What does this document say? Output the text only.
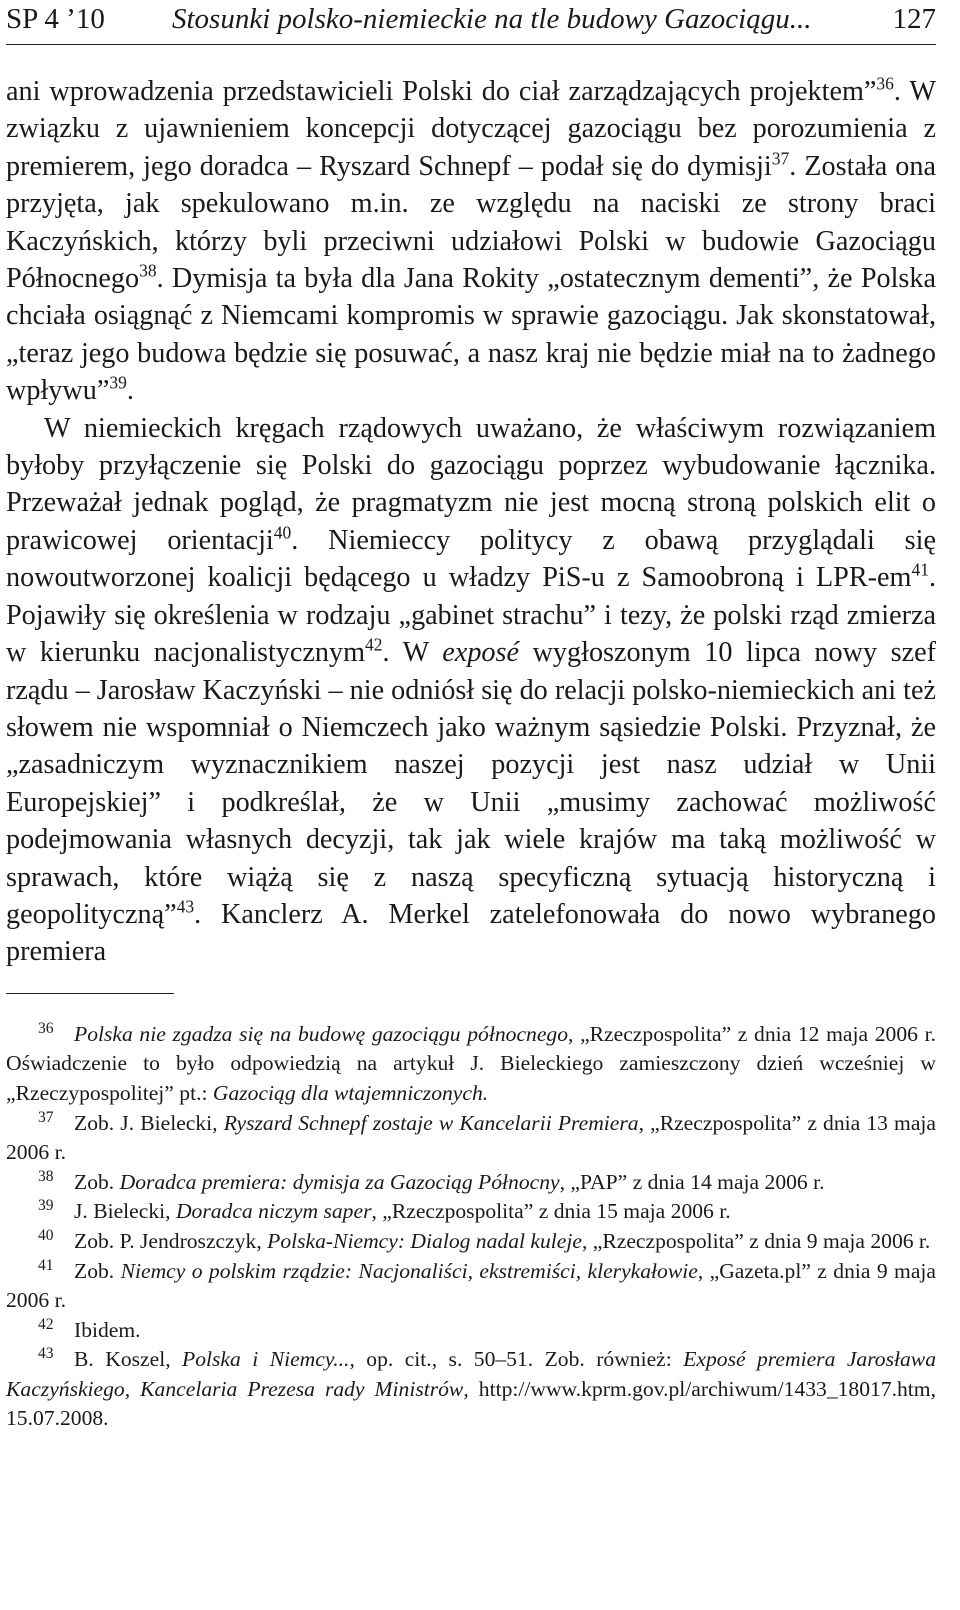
SP 4 ’10 Stosunki polsko-niemieckie na tle budowy Gazociągu...	127

ani wprowadzenia przedstawicieli Polski do ciał zarządzających projektem”$^{36}$. W związku z ujawnieniem koncepcji dotyczącej gazociągu bez porozumienia z premierem, jego doradca – Ryszard Schnepf – podał się do dymisji$^{37}$. Została ona przyjęta, jak spekulowano m.in. ze względu na naciski ze strony braci Kaczyńskich, którzy byli przeciwni udziałowi Polski w budowie Gazociągu Północnego$^{38}$. Dymisja ta była dla Jana Rokity „ostatecznym dementi”, że Polska chciała osiągnąć z Niemcami kompromis w sprawie gazociągu. Jak skonstatował, „teraz jego budowa będzie się posuwać, a nasz kraj nie będzie miał na to żadnego wpływu”$^{39}$.

W niemieckich kręgach rządowych uważano, że właściwym rozwiązaniem byłoby przyłączenie się Polski do gazociągu poprzez wybudowanie łącznika. Przeważał jednak pogląd, że pragmatyzm nie jest mocną stroną polskich elit o prawicowej orientacji$^{40}$. Niemieccy politycy z obawą przyglądali się nowoutworzonej koalicji będącego u władzy PiS-u z Samoobroną i LPR-$em^{41}$. Pojawiły się określenia w rodzaju „gabinet strachu” i tezy, że polski rząd zmierza w kierunku nacjonalistycznym$^{42}$. W exposé wygłoszonym 10 lipca nowy szef rządu – Jarosław Kaczyński – nie odniósł się do relacji polsko-niemieckich ani też słowem nie wspomniał o Niemczech jako ważnym sąsiedzie Polski. Przyznał, że „zasadniczym wyznacznikiem naszej pozycji jest nasz udział w Unii Europejskiej” i podkreślał, że w Unii „musimy zachować możliwość podejmowania własnych decyzji, tak jak wiele krajów ma taką możliwość w sprawach, które wiążą się z naszą specyficzną sytuacją historyczną i geopolityczną”$^{43}$. Kanclerz A. Merkel zatelefonowała do nowo wybranego premiera

$^{36}$ Polska nie zgadza się na budowę gazociągu północnego, „Rzeczpospolita” z dnia 12 maja 2006 r. Oświadczenie to było odpowiedzią na artykuł J. Bieleckiego zamieszczony dzień wcześniej w „Rzeczypospolitej” pt.: Gazociąg dla wtajemniczonych.

$^{37}$ Zob. J. Bielecki, Ryszard Schnepf zostaje w Kancelarii Premiera, „Rzeczpospolita” z dnia 13 maja 2006 r.

$^{38}$ Zob. Doradca premiera: dymisja za Gazociąg Północny, „PAP” z dnia 14 maja 2006 r.

$^{39}$ J. Bielecki, Doradca niczym saper, „Rzeczpospolita” z dnia 15 maja 2006 r.

$^{40}$ Zob. P. Jendroszczyk, Polska-Niemcy: Dialog nadal kuleje, „Rzeczpospolita” z dnia 9 maja 2006 r.

$^{41}$ Zob. Niemcy o polskim rządzie: Nacjonaliści, ekstremiści, klerykałowie, „Gazeta.pl” z dnia 9 maja 2006 r.

$^{42}$ Ibidem.

$^{43}$ B. Koszel, Polska i Niemcy..., op. cit., s. 50–51. Zob. również: Exposé premiera Jarosława Kaczyńskiego, Kancelaria Prezesa rady Ministrów, http://www.kprm.gov.pl/archiwum/1433_18017.htm, 15.07.2008.
